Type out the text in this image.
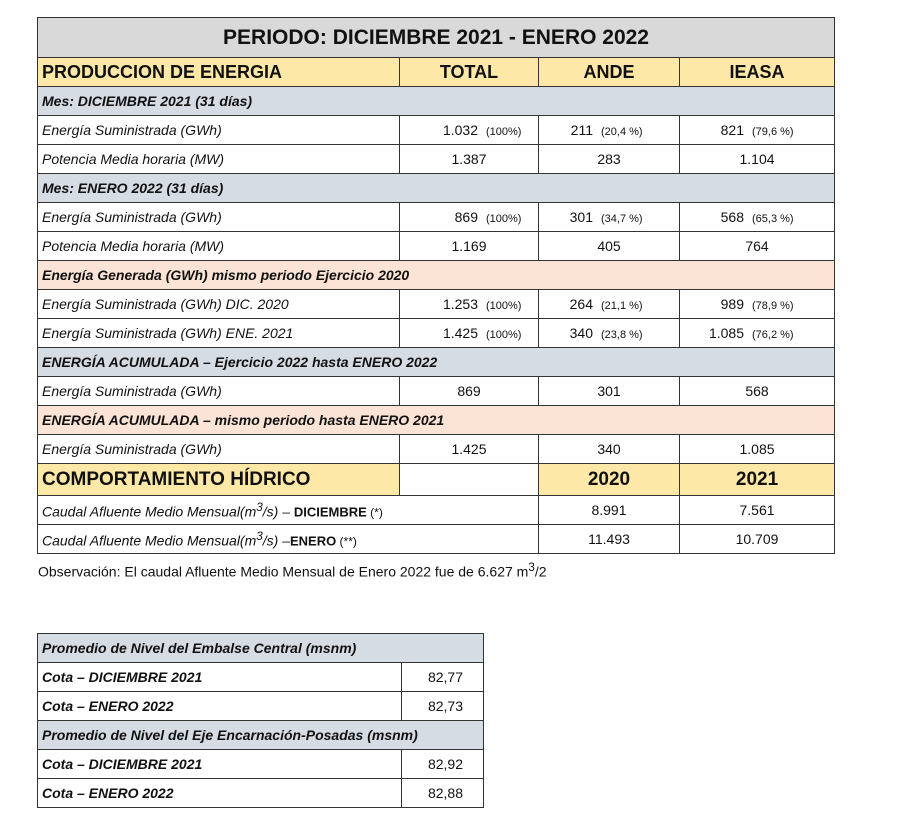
PERIODO: DICIEMBRE 2021 - ENERO 2022			
PRODUCCION DE ENERGIA	TOTAL	ANDE	IEASA
Mes: DICIEMBRE 2021 (31 días)			
Energía Suministrada (GWh)	1.032 (100%)	211 (20,4 %)	821 (79,6 %)
Potencia Media horaria (MW)	1.387	283	1.104
Mes: ENERO 2022 (31 días)			
Energía Suministrada (GWh)	869 (100%)	301 (34,7 %)	568 (65,3 %)
Potencia Media horaria (MW)	1.169	405	764
Energía Generada (GWh) mismo periodo Ejercicio 2020			
Energía Suministrada (GWh) DIC. 2020	1.253 (100%)	264 (21,1 %)	989 (78,9 %)
Energía Suministrada (GWh) ENE. 2021	1.425 (100%)	340 (23,8 %)	1.085 (76,2 %)
ENERGÍA ACUMULADA – Ejercicio 2022 hasta ENERO 2022			
Energía Suministrada (GWh)	869	301	568
ENERGÍA ACUMULADA – mismo periodo hasta ENERO 2021			
Energía Suministrada (GWh)	1.425	340	1.085
COMPORTAMIENTO HÍDRICO		2020	2021
Caudal Afluente Medio $Mensual(m^3/s)$ – DICIEMBRE (*)		8.991	7.561
Caudal Afluente Medio $Mensual(m^3/s)$ –ENERO (**)		11.493	10.709

Observación: El caudal Afluente Medio Mensual de Enero 2022 fue de 6.627 $m^3/2$

Promedio de Nivel del Embalse Central (msnm)	
Cota – DICIEMBRE 2021	82,77
Cota – ENERO 2022	82,73
Promedio de Nivel del Eje Encarnación-Posadas (msnm)	
Cota – DICIEMBRE 2021	82,92
Cota – ENERO 2022	82,88
